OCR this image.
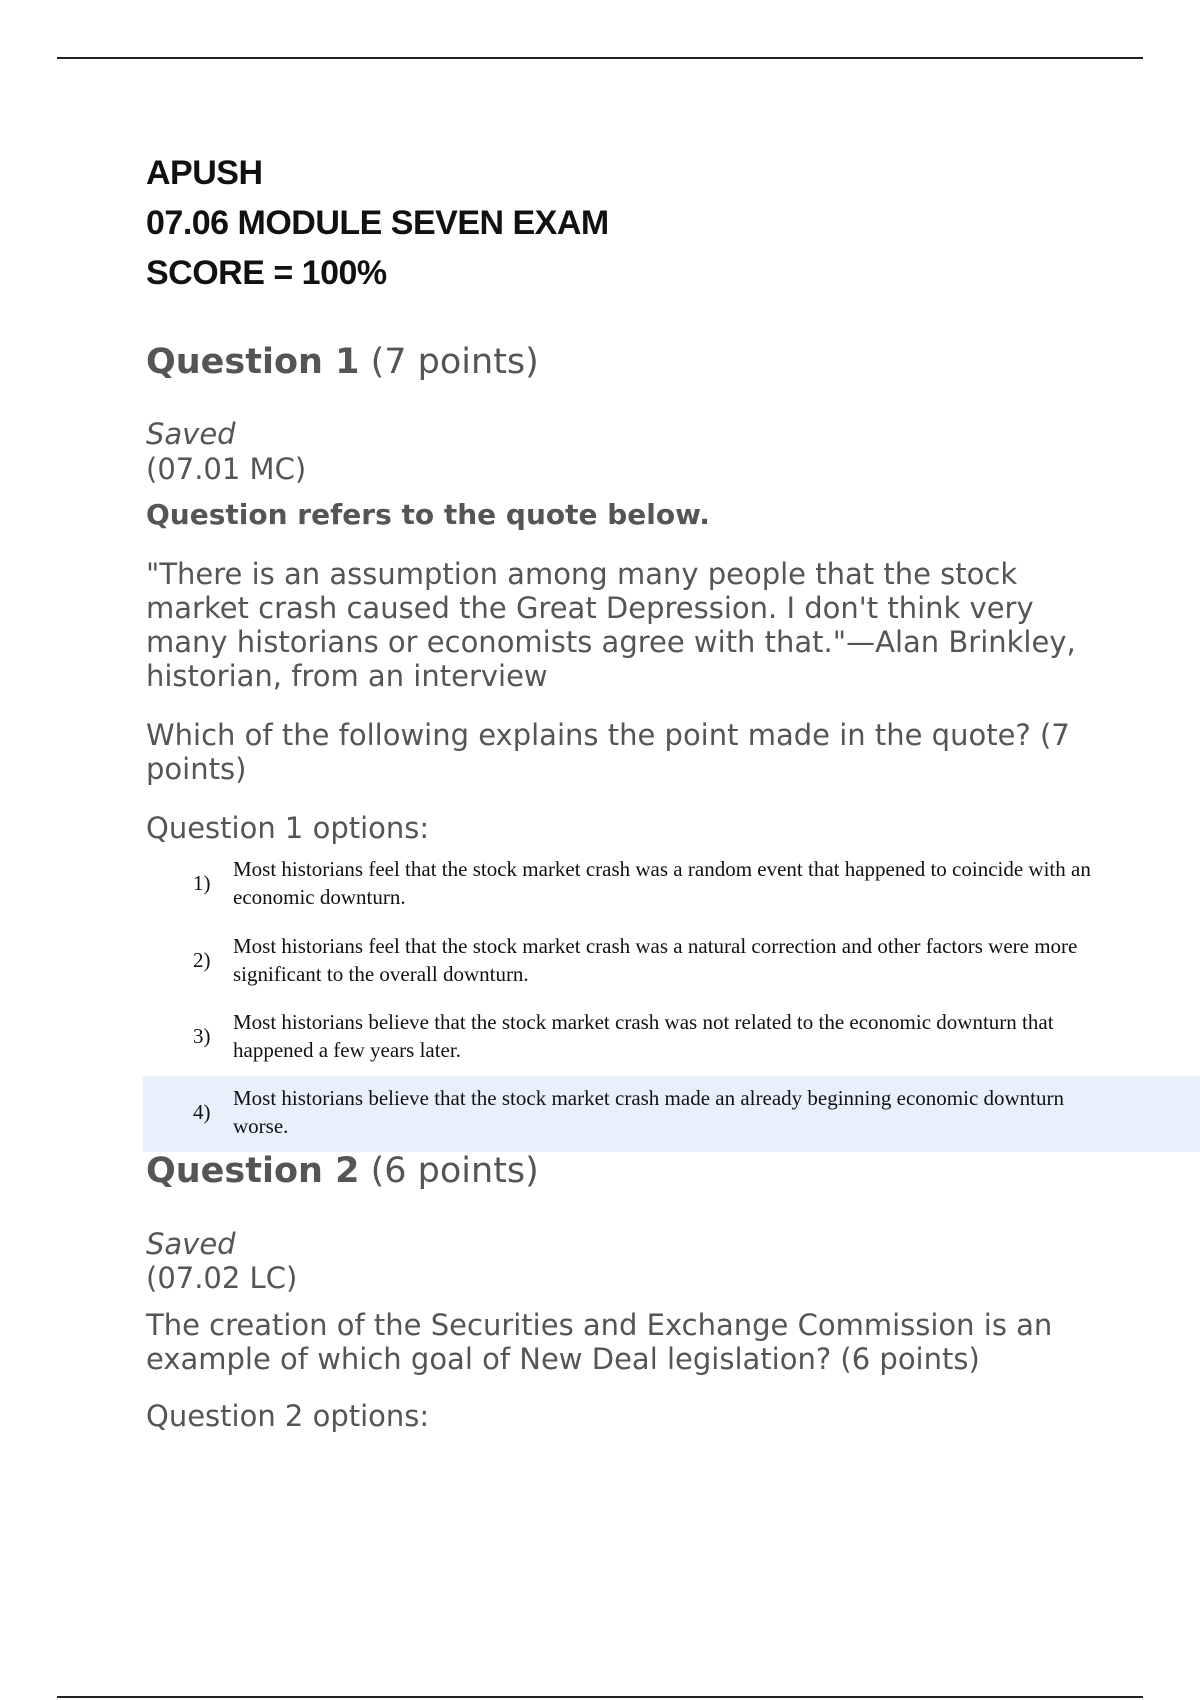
APUSH
07.06 MODULE SEVEN EXAM
SCORE = 100%
Question 1 (7 points)
Saved
(07.01 MC)
Question refers to the quote below.
"There is an assumption among many people that the stock market crash caused the Great Depression. I don't think very many historians or economists agree with that."—Alan Brinkley, historian, from an interview
Which of the following explains the point made in the quote? (7 points)
Question 1 options:
1)
Most historians feel that the stock market crash was a random event that happened to coincide with an
economic downturn.
2)
Most historians feel that the stock market crash was a natural correction and other factors were more
significant to the overall downturn.
3)
Most historians believe that the stock market crash was not related to the economic downturn that
happened a few years later.
4)
Most historians believe that the stock market crash made an already beginning economic downturn
worse.
Question 2 (6 points)
Saved
(07.02 LC)
The creation of the Securities and Exchange Commission is an example of which goal of New Deal legislation? (6 points)
Question 2 options:
